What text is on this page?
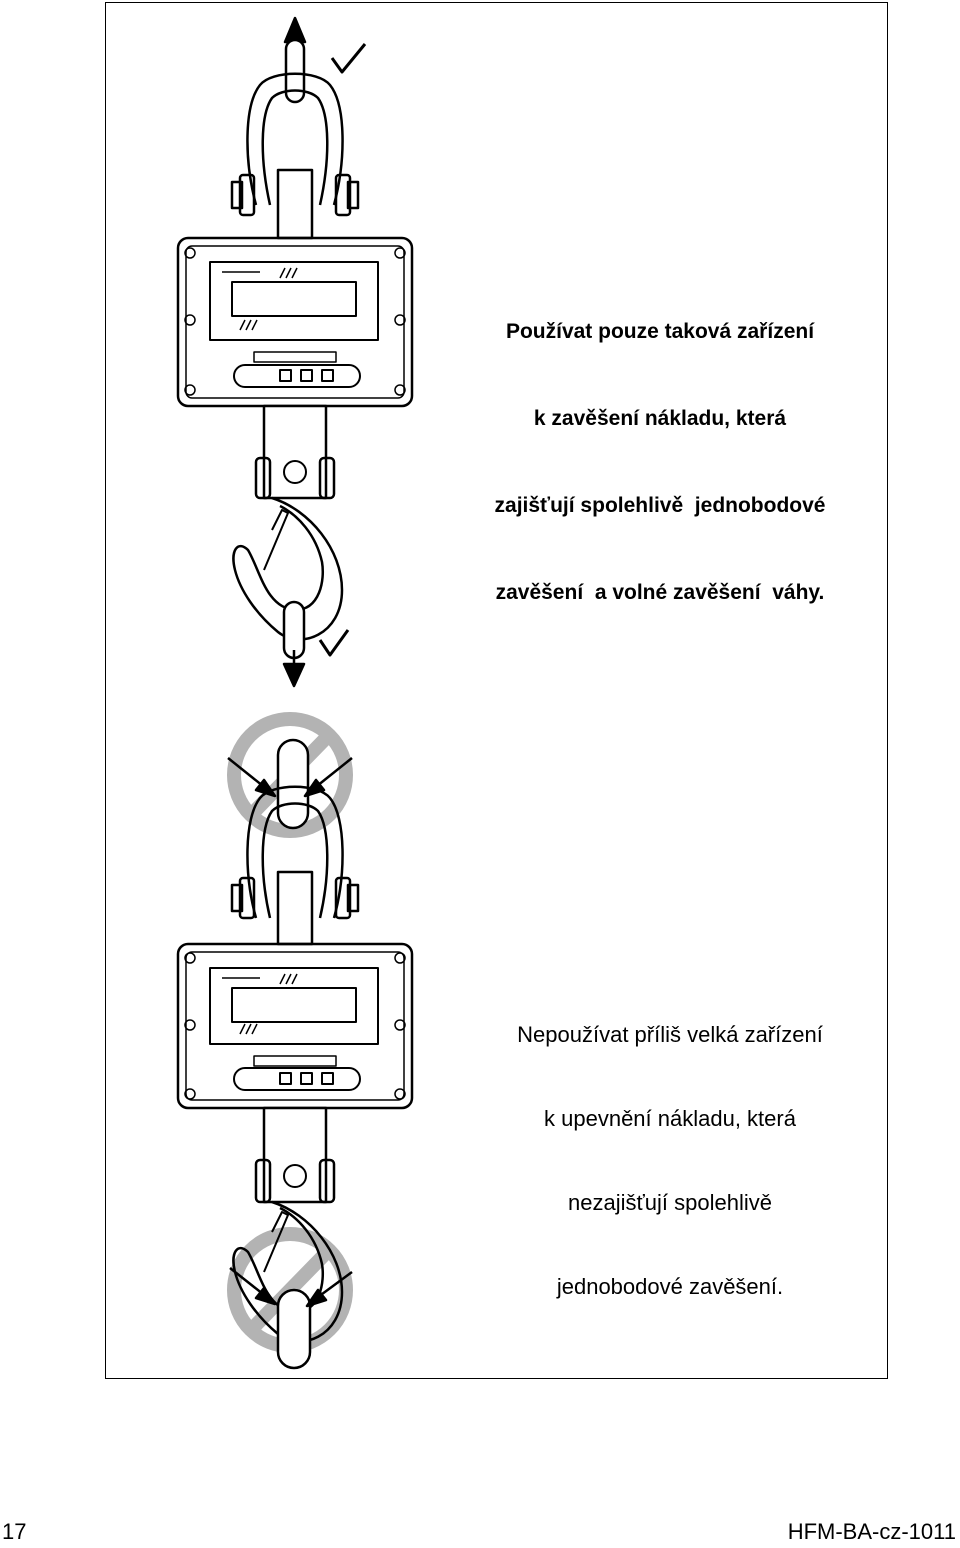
Používat pouze taková zařízení

k zavěšení nákladu, která

zajišťují spolehlivě  jednobodové

zavěšení  a volné zavěšení  váhy.

Nepoužívat příliš velká zařízení

k upevnění nákladu, která

nezajišťují spolehlivě

jednobodové zavěšení.

17	HFM-BA-cz-1011
